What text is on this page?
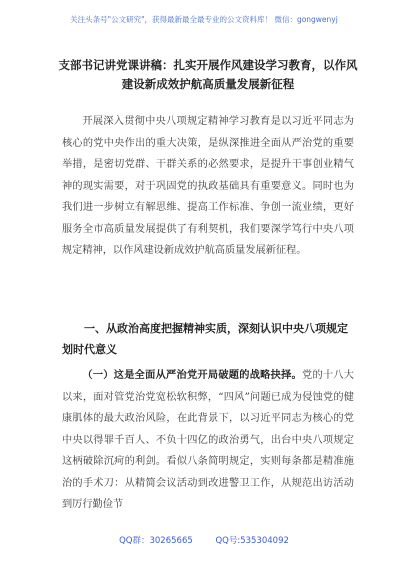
关注头条号"公文研究"，获得最新最全最专业的公文资料库！ 微信：gongwenyj
支部书记讲党课讲稿：扎实开展作风建设学习教育，以作风建设新成效护航高质量发展新征程
开展深入贯彻中央八项规定精神学习教育是以习近平同志为核心的党中央作出的重大决策，是纵深推进全面从严治党的重要举措，是密切党群、干群关系的必然要求，是提升干事创业精气神的现实需要，对于巩固党的执政基础具有重要意义。同时也为我们进一步树立有解思维、提高工作标准、争创一流业绩，更好服务全市高质量发展提供了有利契机，我们要深学笃行中央八项规定精神，以作风建设新成效护航高质量发展新征程。
一、从政治高度把握精神实质，深刻认识中央八项规定划时代意义
（一）这是全面从严治党开局破题的战略抉择。党的十八大以来，面对管党治党宽松软积弊，“四风”问题已成为侵蚀党的健康肌体的最大政治风险，在此背景下，以习近平同志为核心的党中央以得罪千百人、不负十四亿的政治勇气，出台中央八项规定这柄破除沉疴的利剑。看似八条简明规定，实则每条都是精准施治的手术刀：从精简会议活动到改进警卫工作，从规范出访活动到厉行勤俭节
QQ群：30265665	QQ号:535304092
